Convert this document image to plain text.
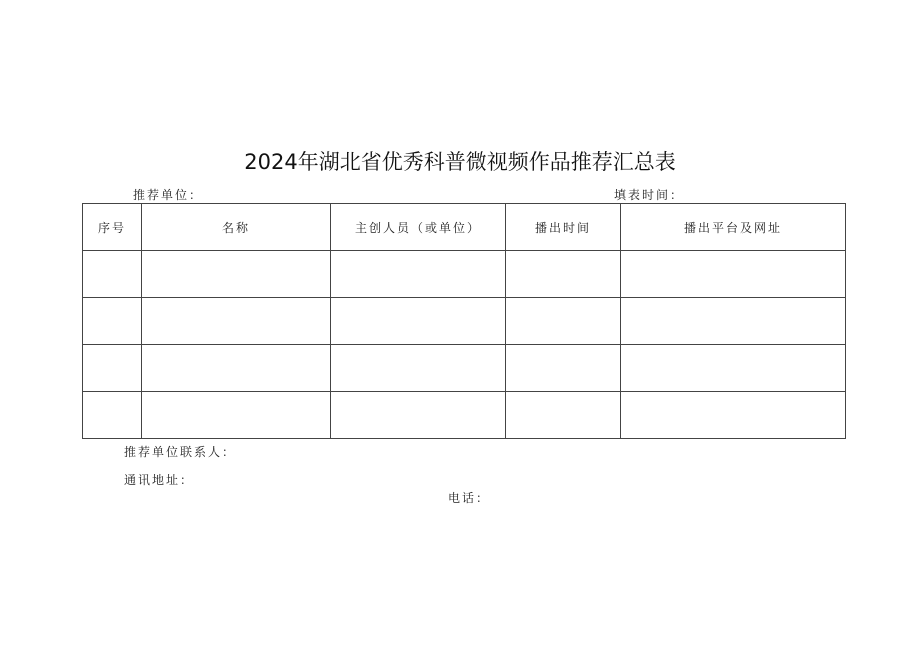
2024年湖北省优秀科普微视频作品推荐汇总表
推荐单位：	填表时间：
序号	名称	主创人员（或单位）	播出时间	播出平台及网址

推荐单位联系人：
通讯地址：
电话：
